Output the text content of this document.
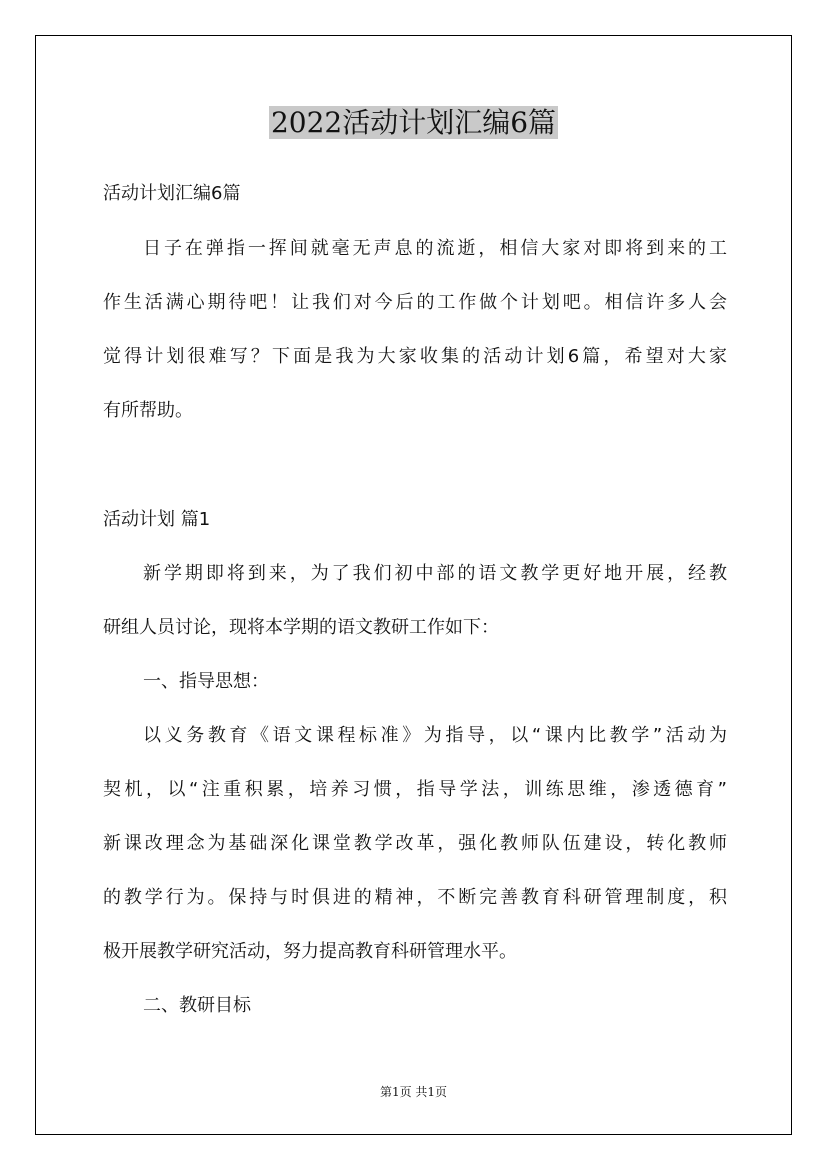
2022活动计划汇编6篇
活动计划汇编6篇
日子在弹指一挥间就毫无声息的流逝，相信大家对即将到来的工
作生活满心期待吧！让我们对今后的工作做个计划吧。相信许多人会
觉得计划很难写？下面是我为大家收集的活动计划6篇，希望对大家
有所帮助。
活动计划 篇1
新学期即将到来，为了我们初中部的语文教学更好地开展，经教
研组人员讨论，现将本学期的语文教研工作如下：
一、指导思想：
以义务教育《语文课程标准》为指导，以“课内比教学”活动为
契机，以“注重积累，培养习惯，指导学法，训练思维，渗透德育”
新课改理念为基础深化课堂教学改革，强化教师队伍建设，转化教师
的教学行为。保持与时俱进的精神，不断完善教育科研管理制度，积
极开展教学研究活动，努力提高教育科研管理水平。
二、教研目标
第1页 共1页
